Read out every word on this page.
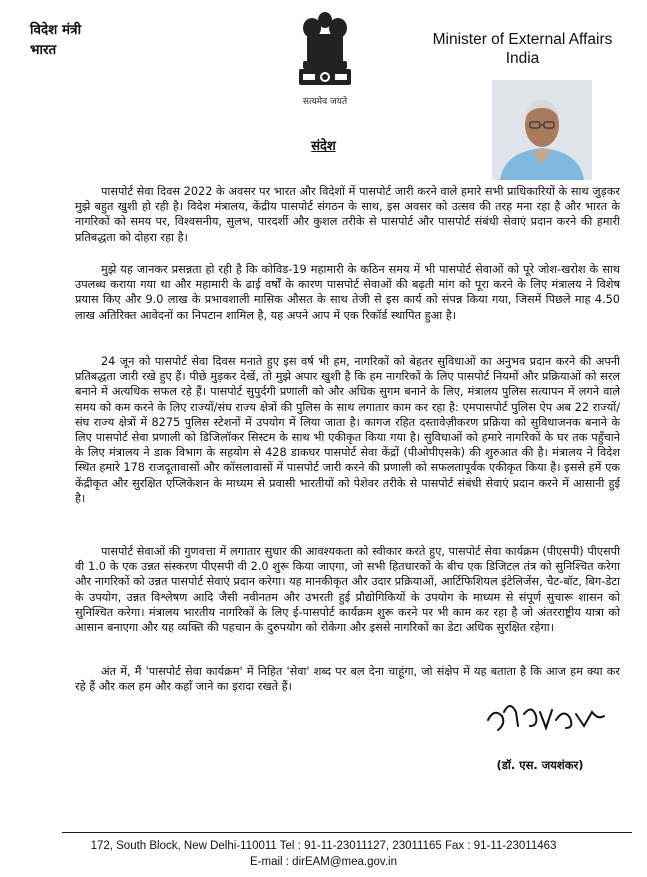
विदेश मंत्री
भारत
सत्यमेव जयते
Minister of External Affairs
India
संदेश

पासपोर्ट सेवा दिवस 2022 के अवसर पर भारत और विदेशों में पासपोर्ट जारी करने वाले हमारे सभी प्राधिकारियों के साथ जुड़कर मुझे बहुत खुशी हो रही है। विदेश मंत्रालय, केंद्रीय पासपोर्ट संगठन के साथ, इस अवसर को उत्सव की तरह मना रहा है और भारत के नागरिकों को समय पर, विश्वसनीय, सुलभ, पारदर्शी और कुशल तरीके से पासपोर्ट और पासपोर्ट संबंधी सेवाएं प्रदान करने की हमारी प्रतिबद्धता को दोहरा रहा है।

मुझे यह जानकर प्रसन्नता हो रही है कि कोविड-19 महामारी के कठिन समय में भी पासपोर्ट सेवाओं को पूरे जोश-खरोश के साथ उपलब्ध कराया गया था और महामारी के ढाई वर्षों के कारण पासपोर्ट सेवाओं की बढ़ती मांग को पूरा करने के लिए मंत्रालय ने विशेष प्रयास किए और 9.0 लाख के प्रभावशाली मासिक औसत के साथ तेजी से इस कार्य को संपन्न किया गया, जिसमें पिछले माह 4.50 लाख अतिरिक्त आवेदनों का निपटान शामिल है, यह अपने आप में एक रिकॉर्ड स्थापित हुआ है।

24 जून को पासपोर्ट सेवा दिवस मनाते हुए इस वर्ष भी हम, नागरिकों को बेहतर सुविधाओं का अनुभव प्रदान करने की अपनी प्रतिबद्धता जारी रखे हुए हैं। पीछे मुड़कर देखें, तो मुझे अपार खुशी है कि हम नागरिकों के लिए पासपोर्ट नियमों और प्रक्रियाओं को सरल बनाने में अत्यधिक सफल रहे हैं। पासपोर्ट सुपुर्दगी प्रणाली को और अधिक सुगम बनाने के लिए, मंत्रालय पुलिस सत्यापन में लगने वाले समय को कम करने के लिए राज्यों/संघ राज्य क्षेत्रों की पुलिस के साथ लगातार काम कर रहा है: एमपासपोर्ट पुलिस ऐप अब 22 राज्यों/संघ राज्य क्षेत्रों में 8275 पुलिस स्टेशनों में उपयोग में लिया जाता है। कागज रहित दस्तावेज़ीकरण प्रक्रिया को सुविधाजनक बनाने के लिए पासपोर्ट सेवा प्रणाली को डिजिलॉकर सिस्टम के साथ भी एकीकृत किया गया है। सुविधाओं को हमारे नागरिकों के घर तक पहुँचाने के लिए मंत्रालय ने डाक विभाग के सहयोग से 428 डाकघर पासपोर्ट सेवा केंद्रों (पीओपीएसके) की शुरुआत की है। मंत्रालय ने विदेश स्थित हमारे 178 राजदूतावासों और कॉसलावासों में पासपोर्ट जारी करने की प्रणाली को सफलतापूर्वक एकीकृत किया है। इससे हमें एक केंद्रीकृत और सुरक्षित एप्लिकेशन के माध्यम से प्रवासी भारतीयों को पेशेवर तरीके से पासपोर्ट संबंधी सेवाएं प्रदान करने में आसानी हुई है।

पासपोर्ट सेवाओं की गुणवत्ता में लगातार सुधार की आवश्यकता को स्वीकार करते हुए, पासपोर्ट सेवा कार्यक्रम (पीएसपी) पीएसपी वी 1.0 के एक उन्नत संस्करण पीएसपी वी 2.0 शुरू किया जाएगा, जो सभी हितधारकों के बीच एक डिजिटल तंत्र को सुनिश्चित करेगा और नागरिकों को उन्नत पासपोर्ट सेवाएं प्रदान करेगा। यह मानकीकृत और उदार प्रक्रियाओं, आर्टिफिशियल इंटेलिजेंस, चैट-बॉट, बिग-डेटा के उपयोग, उन्नत विश्लेषण आदि जैसी नवीनतम और उभरती हुई प्रौद्योगिकियों के उपयोग के माध्यम से संपूर्ण सुचारू शासन को सुनिश्चित करेगा। मंत्रालय भारतीय नागरिकों के लिए ई-पासपोर्ट कार्यक्रम शुरू करने पर भी काम कर रहा है जो अंतरराष्ट्रीय यात्रा को आसान बनाएगा और यह व्यक्ति की पहचान के दुरुपयोग को रोकेगा और इससे नागरिकों का डेटा अधिक सुरक्षित रहेगा।

अंत में, मैं 'पासपोर्ट सेवा कार्यक्रम' में निहित 'सेवा' शब्द पर बल देना चाहूंगा, जो संक्षेप में यह बताता है कि आज हम क्या कर रहे हैं और कल हम और कहाँ जाने का इरादा रखते हैं।

(डॉ. एस. जयशंकर)
172, South Block, New Delhi-110011 Tel : 91-11-23011127, 23011165 Fax : 91-11-23011463
E-mail : dirEAM@mea.gov.in
